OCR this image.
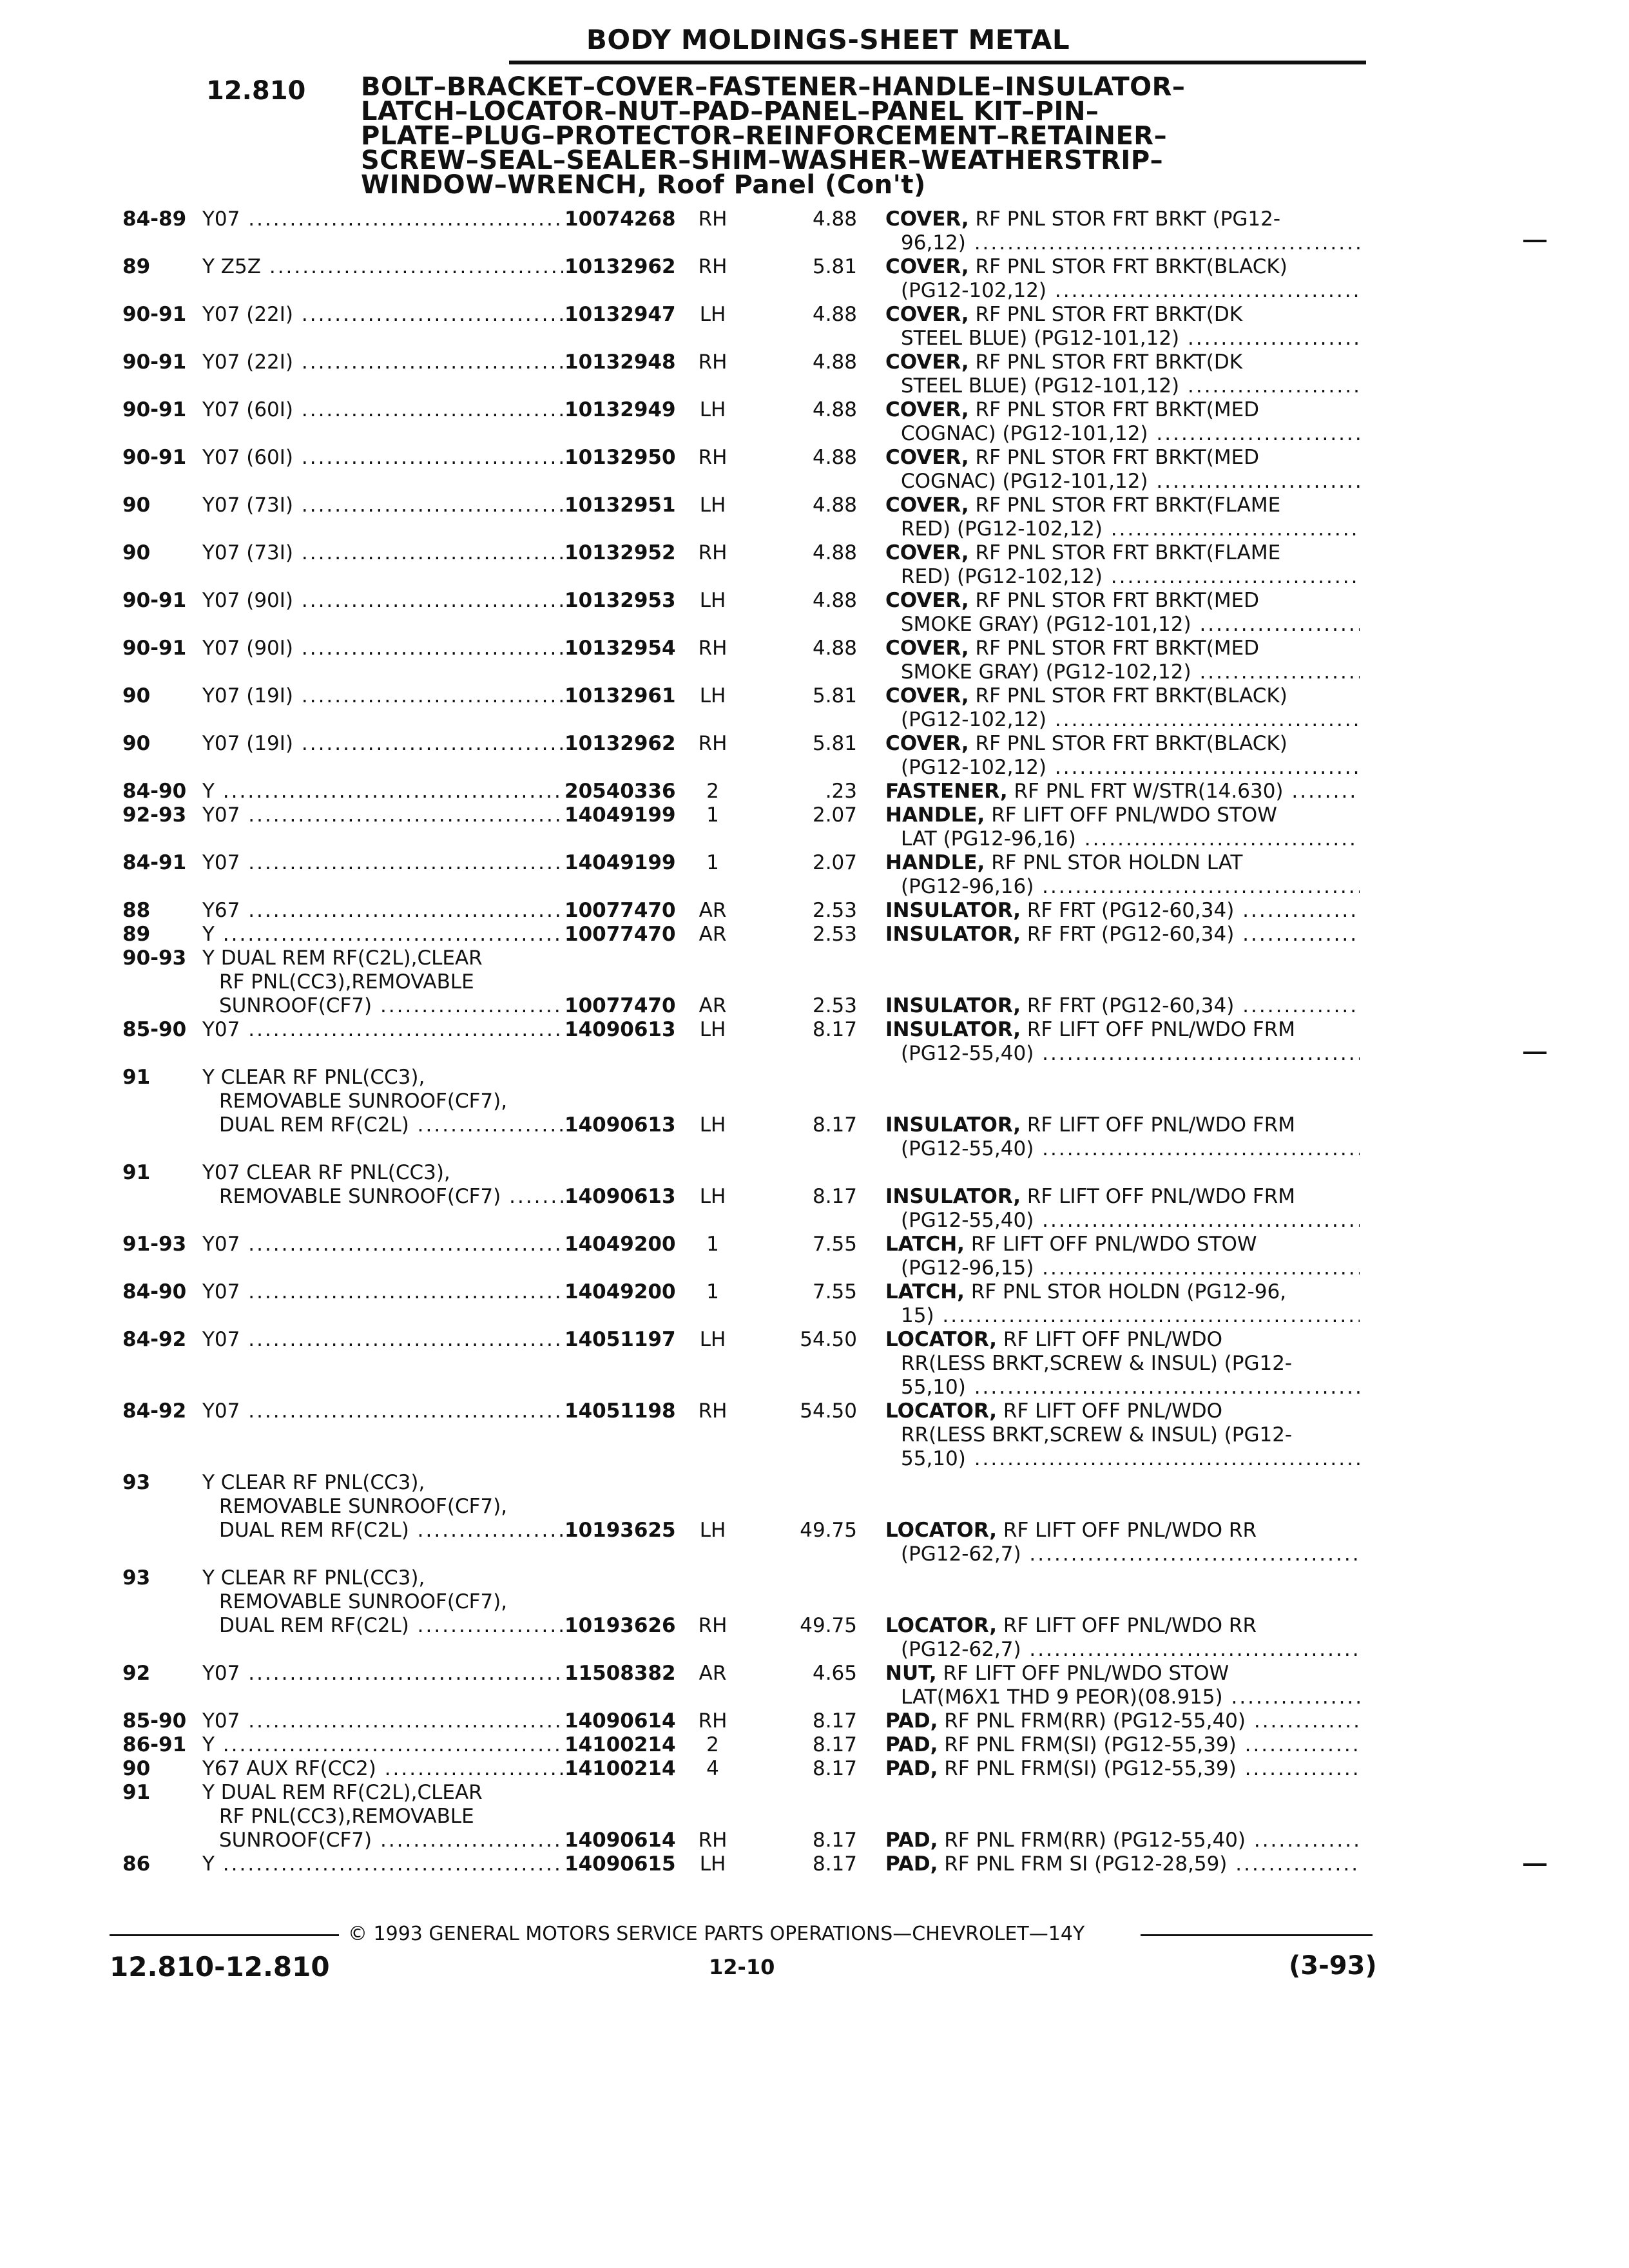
BODY MOLDINGS-SHEET METAL
12.810 BOLT–BRACKET–COVER–FASTENER–HANDLE–INSULATOR–
LATCH–LOCATOR–NUT–PAD–PANEL–PANEL KIT–PIN–
PLATE–PLUG–PROTECTOR–REINFORCEMENT–RETAINER–
SCREW–SEAL–SEALER–SHIM–WASHER–WEATHERSTRIP–
WINDOW–WRENCH, Roof Panel (Con't)
84-89 Y07 .....	10074268 RH	4.88 COVER, RF PNL STOR FRT BRKT (PG12-
96,12) .....
89	Y Z5Z .....	10132962 RH	5.81 COVER, RF PNL STOR FRT BRKT(BLACK)
(PG12-102,12) .....
90-91 Y07 (22I) .....	10132947	LH	4.88 COVER, RF PNL STOR FRT BRKT(DK
STEEL BLUE) (PG12-101,12) .....
90-91 Y07 (22I) .....	10132948 RH	4.88 COVER, RF PNL STOR FRT BRKT(DK
STEEL BLUE) (PG12-101,12) .....
90-91 Y07 (60I) .....	10132949	LH	4.88 COVER, RF PNL STOR FRT BRKT(MED
COGNAC) (PG12-101,12) .....
90-91 Y07 (60I) .....	10132950 RH	4.88 COVER, RF PNL STOR FRT BRKT(MED
COGNAC) (PG12-101,12) .....
90	Y07 (73I) .....	10132951	LH	4.88 COVER, RF PNL STOR FRT BRKT(FLAME
RED) (PG12-102,12) .....
90	Y07 (73I) .....	10132952 RH	4.88 COVER, RF PNL STOR FRT BRKT(FLAME
RED) (PG12-102,12) .....
90-91 Y07 (90I) .....	10132953	LH	4.88 COVER, RF PNL STOR FRT BRKT(MED
SMOKE GRAY) (PG12-101,12) .....
90-91 Y07 (90I) .....	10132954 RH	4.88 COVER, RF PNL STOR FRT BRKT(MED
SMOKE GRAY) (PG12-102,12) .....
90	Y07 (19I) .....	10132961	LH	5.81 COVER, RF PNL STOR FRT BRKT(BLACK)
(PG12-102,12) .....
90	Y07 (19I) .....	10132962 RH	5.81 COVER, RF PNL STOR FRT BRKT(BLACK)
(PG12-102,12) .....
84-90 Y .....	20540336	2	.23 FASTENER, RF PNL FRT W/STR(14.630) .....
92-93 Y07 .....	14049199	1	2.07 HANDLE, RF LIFT OFF PNL/WDO STOW
LAT (PG12-96,16) .....
84-91 Y07 .....	14049199	1	2.07 HANDLE, RF PNL STOR HOLDN LAT
(PG12-96,16) .....
88	Y67 .....	10077470 AR	2.53 INSULATOR, RF FRT (PG12-60,34) .....
89	Y .....	10077470 AR	2.53 INSULATOR, RF FRT (PG12-60,34) .....
90-93 Y DUAL REM RF(C2L),CLEAR
RF PNL(CC3),REMOVABLE
SUNROOF(CF7) .....	10077470 AR	2.53 INSULATOR, RF FRT (PG12-60,34) .....
85-90 Y07 .....	14090613	LH	8.17 INSULATOR, RF LIFT OFF PNL/WDO FRM
(PG12-55,40) .....
91	Y CLEAR RF PNL(CC3),
REMOVABLE SUNROOF(CF7),
DUAL REM RF(C2L) .....	14090613	LH	8.17 INSULATOR, RF LIFT OFF PNL/WDO FRM
(PG12-55,40) .....
91	Y07 CLEAR RF PNL(CC3),
REMOVABLE SUNROOF(CF7) .....	14090613	LH	8.17 INSULATOR, RF LIFT OFF PNL/WDO FRM
(PG12-55,40) .....
91-93 Y07 .....	14049200	1	7.55 LATCH, RF LIFT OFF PNL/WDO STOW
(PG12-96,15) .....
84-90 Y07 .....	14049200	1	7.55 LATCH, RF PNL STOR HOLDN (PG12-96,
15) .....
84-92 Y07 .....	14051197	LH	54.50 LOCATOR, RF LIFT OFF PNL/WDO
RR(LESS BRKT,SCREW & INSUL) (PG12-
55,10) .....
84-92 Y07 .....	14051198 RH	54.50 LOCATOR, RF LIFT OFF PNL/WDO
RR(LESS BRKT,SCREW & INSUL) (PG12-
55,10) .....
93	Y CLEAR RF PNL(CC3),
REMOVABLE SUNROOF(CF7),
DUAL REM RF(C2L) .....	10193625	LH	49.75 LOCATOR, RF LIFT OFF PNL/WDO RR
(PG12-62,7) .....
93	Y CLEAR RF PNL(CC3),
REMOVABLE SUNROOF(CF7),
DUAL REM RF(C2L) .....	10193626 RH	49.75 LOCATOR, RF LIFT OFF PNL/WDO RR
(PG12-62,7) .....
92	Y07 .....	11508382 AR	4.65 NUT, RF LIFT OFF PNL/WDO STOW
LAT(M6X1 THD 9 PEOR)(08.915) .....
85-90 Y07 .....	14090614 RH	8.17 PAD, RF PNL FRM(RR) (PG12-55,40) .....
86-91 Y .....	14100214	2	8.17 PAD, RF PNL FRM(SI) (PG12-55,39) .....
90	Y67 AUX RF(CC2) .....	14100214	4	8.17 PAD, RF PNL FRM(SI) (PG12-55,39) .....
91	Y DUAL REM RF(C2L),CLEAR
RF PNL(CC3),REMOVABLE
SUNROOF(CF7) .....	14090614 RH	8.17 PAD, RF PNL FRM(RR) (PG12-55,40) .....
86	Y .....	14090615	LH	8.17 PAD, RF PNL FRM SI (PG12-28,59) .....
© 1993 GENERAL MOTORS SERVICE PARTS OPERATIONS—CHEVROLET—14Y
12.810-12.810	12-10	(3-93)
